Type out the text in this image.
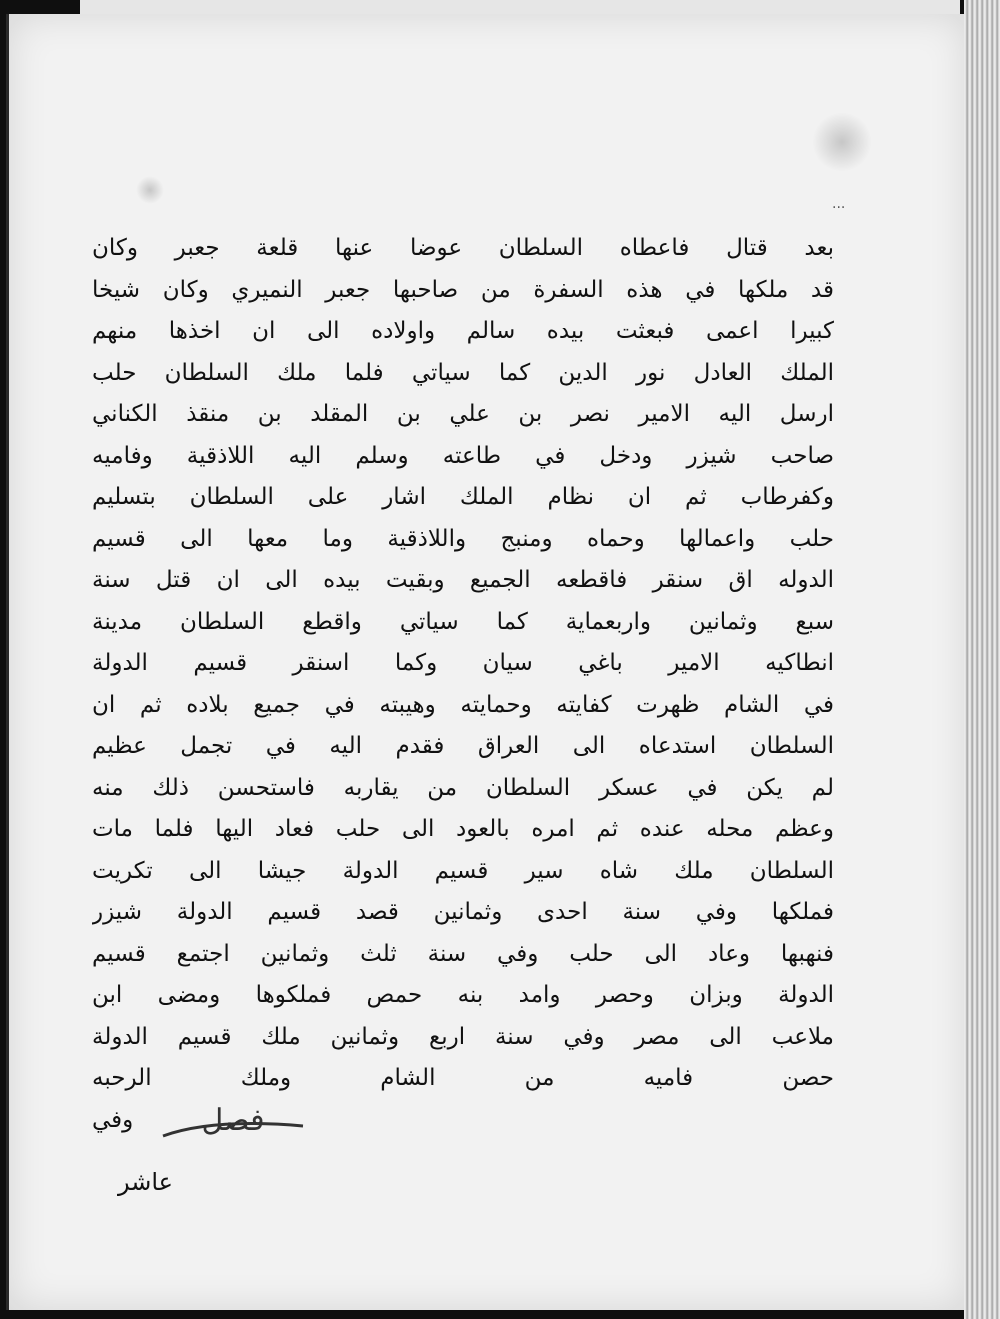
...
بعد قتال فاعطاه السلطان عوضا عنها قلعة جعبر وكان
قد ملكها في هذه السفرة من صاحبها جعبر النميري وكان شيخا
كبيرا اعمى فبعثت بيده سالم واولاده الى ان اخذها منهم
الملك العادل نور الدين كما سياتي فلما ملك السلطان حلب
ارسل اليه الامير نصر بن علي بن المقلد بن منقذ الكناني
صاحب شيزر ودخل في طاعته وسلم اليه اللاذقية وفاميه
وكفرطاب ثم ان نظام الملك اشار على السلطان بتسليم
حلب واعمالها وحماه ومنبج واللاذقية وما معها الى قسيم
الدوله اق سنقر فاقطعه الجميع وبقيت بيده الى ان قتل سنة
سبع وثمانين واربعماية كما سياتي واقطع السلطان مدينة
انطاكيه الامير باغي سيان وكما اسنقر قسيم الدولة
في الشام ظهرت كفايته وحمايته وهيبته في جميع بلاده ثم ان
السلطان استدعاه الى العراق فقدم اليه في تجمل عظيم
لم يكن في عسكر السلطان من يقاربه فاستحسن ذلك منه
وعظم محله عنده ثم امره بالعود الى حلب فعاد اليها فلما مات
السلطان ملك شاه سير قسيم الدولة جيشا الى تكريت
فملكها وفي سنة احدى وثمانين قصد قسيم الدولة شيزر
فنهبها وعاد الى حلب وفي سنة ثلث وثمانين اجتمع قسيم
الدولة وبزان وحصر وامد بنه حمص فملكوها ومضى ابن
ملاعب الى مصر وفي سنة اربع وثمانين ملك قسيم الدولة
حصن فاميه من الشام وملك الرحبه
وفي فصل
عاشر
